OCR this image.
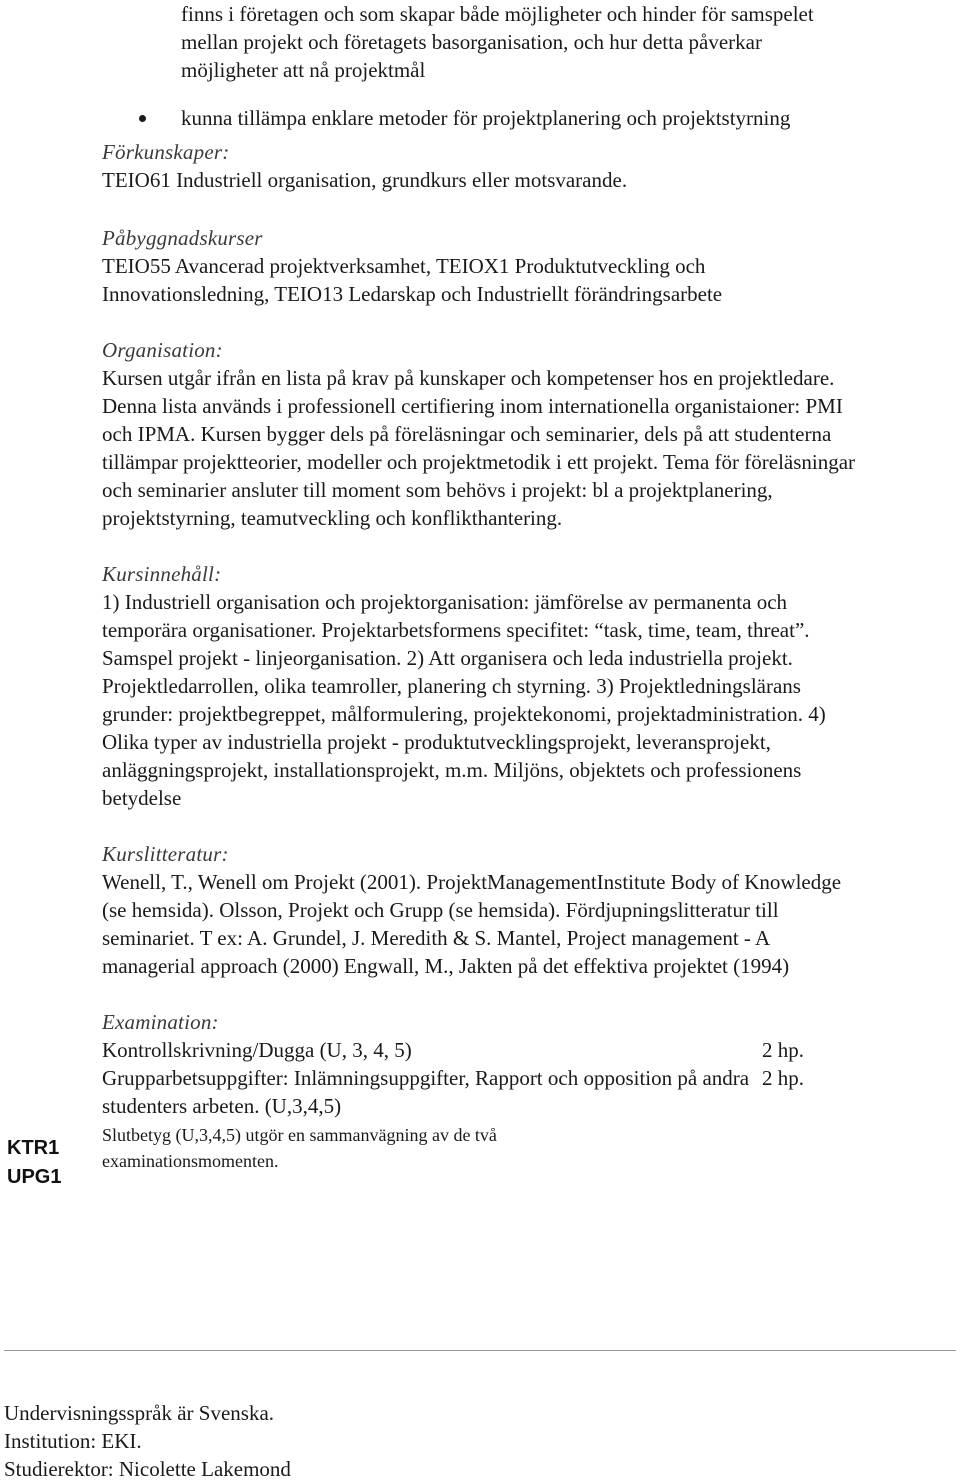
finns i företagen och som skapar både möjligheter och hinder för samspelet mellan projekt och företagets basorganisation, och hur detta påverkar möjligheter att nå projektmål

kunna tillämpa enklare metoder för projektplanering och projektstyrning

Förkunskaper:

TEIO61 Industriell organisation, grundkurs eller motsvarande.

Påbyggnadskurser

TEIO55 Avancerad projektverksamhet, TEIOX1 Produktutveckling och Innovationsledning, TEIO13 Ledarskap och Industriellt förändringsarbete

Organisation:

Kursen utgår ifrån en lista på krav på kunskaper och kompetenser hos en projektledare. Denna lista används i professionell certifiering inom internationella organistaioner: PMI och IPMA. Kursen bygger dels på föreläsningar och seminarier, dels på att studenterna tillämpar projektteorier, modeller och projektmetodik i ett projekt. Tema för föreläsningar och seminarier ansluter till moment som behövs i projekt: bl a projektplanering, projektstyrning, teamutveckling och konflikthantering.

Kursinnehåll:

1) Industriell organisation och projektorganisation: jämförelse av permanenta och temporära organisationer. Projektarbetsformens specifitet: “task, time, team, threat”. Samspel projekt - linjeorganisation. 2) Att organisera och leda industriella projekt. Projektledarrollen, olika teamroller, planering ch styrning. 3) Projektledningslärans grunder: projektbegreppet, målformulering, projektekonomi, projektadministration. 4) Olika typer av industriella projekt - produktutvecklingsprojekt, leveransprojekt, anläggningsprojekt, installationsprojekt, m.m. Miljöns, objektets och professionens betydelse

Kurslitteratur:

Wenell, T., Wenell om Projekt (2001). ProjektManagementInstitute Body of Knowledge (se hemsida). Olsson, Projekt och Grupp (se hemsida). Fördjupningslitteratur till seminariet. T ex: A. Grundel, J. Meredith & S. Mantel, Project management - A managerial approach (2000) Engwall, M., Jakten på det effektiva projektet (1994)

Examination:

Kontrollskrivning/Dugga (U, 3, 4, 5)	2 hp.
Grupparbetsuppgifter: Inlämningsuppgifter, Rapport och opposition på andra studenters arbeten. (U,3,4,5)
2 hp.

Slutbetyg (U,3,4,5) utgör en sammanvägning av de två examinationsmomenten.

KTR1
UPG1

Undervisningsspråk är Svenska.

Institution: EKI.

Studierektor: Nicolette Lakemond
